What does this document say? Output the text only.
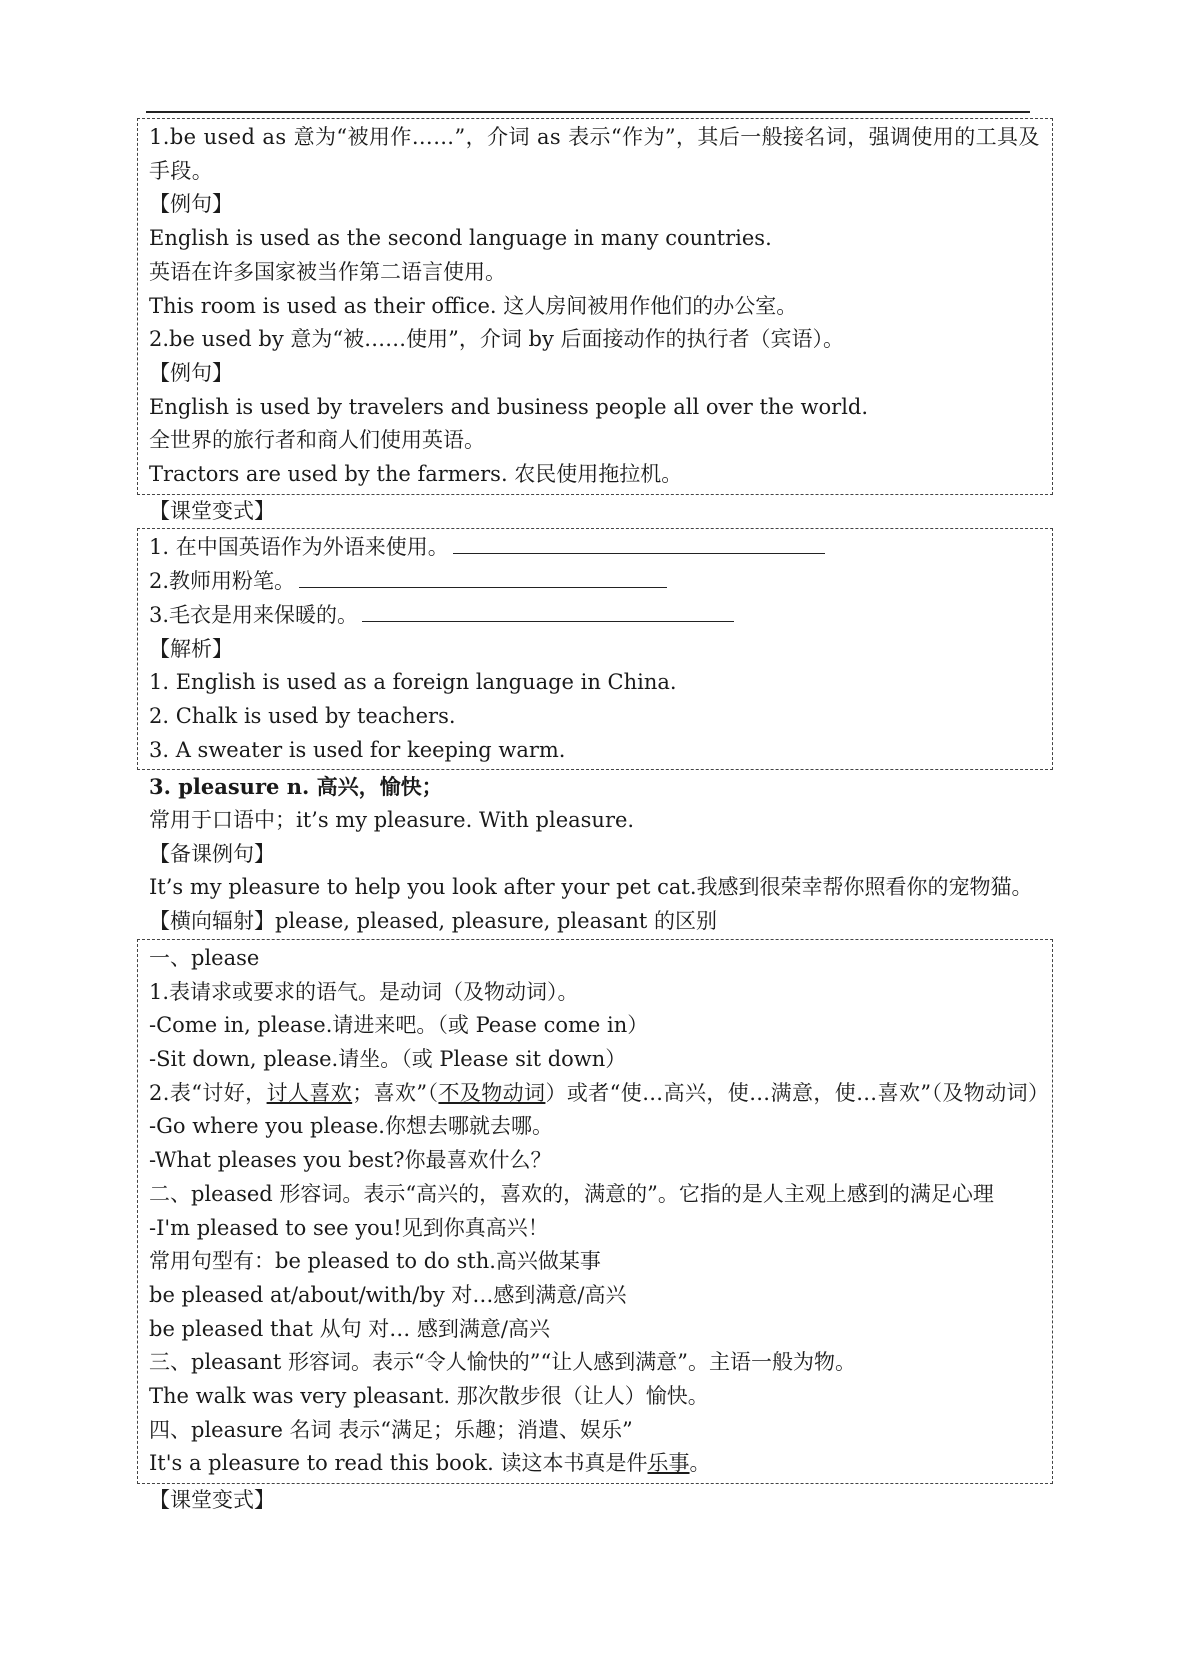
1.be used as 意为“被用作……”，介词 as 表示“作为”，其后一般接名词，强调使用的工具及手段。
【例句】
English is used as the second language in many countries.
英语在许多国家被当作第二语言使用。
This room is used as their office. 这人房间被用作他们的办公室。
2.be used by 意为“被……使用”，介词 by 后面接动作的执行者（宾语）。
【例句】
English is used by travelers and business people all over the world.
全世界的旅行者和商人们使用英语。
Tractors are used by the farmers. 农民使用拖拉机。
【课堂变式】
1. 在中国英语作为外语来使用。
2.教师用粉笔。
3.毛衣是用来保暖的。
【解析】
1. English is used as a foreign language in China.
2. Chalk is used by teachers.
3. A sweater is used for keeping warm.
3. pleasure n. 高兴，愉快；
常用于口语中；it’s my pleasure. With pleasure.
【备课例句】
It’s my pleasure to help you look after your pet cat.我感到很荣幸帮你照看你的宠物猫。
【横向辐射】please, pleased, pleasure, pleasant 的区别
一、please
1.表请求或要求的语气。是动词（及物动词）。
-Come in, please.请进来吧。（或 Pease come in）
-Sit down, please.请坐。（或 Please sit down）
2.表“讨好，讨人喜欢；喜欢”（不及物动词）或者“使…高兴，使…满意，使…喜欢”（及物动词）
-Go where you please.你想去哪就去哪。
-What pleases you best?你最喜欢什么？
二、pleased 形容词。表示“高兴的，喜欢的，满意的”。它指的是人主观上感到的满足心理
-I'm pleased to see you!见到你真高兴！
常用句型有：be pleased to do sth.高兴做某事
be pleased at/about/with/by 对…感到满意/高兴
be pleased that 从句 对… 感到满意/高兴
三、pleasant 形容词。表示“令人愉快的”“让人感到满意”。主语一般为物。
The walk was very pleasant. 那次散步很（让人）愉快。
四、pleasure 名词 表示“满足；乐趣；消遣、娱乐”
It's a pleasure to read this book. 读这本书真是件乐事。
【课堂变式】
